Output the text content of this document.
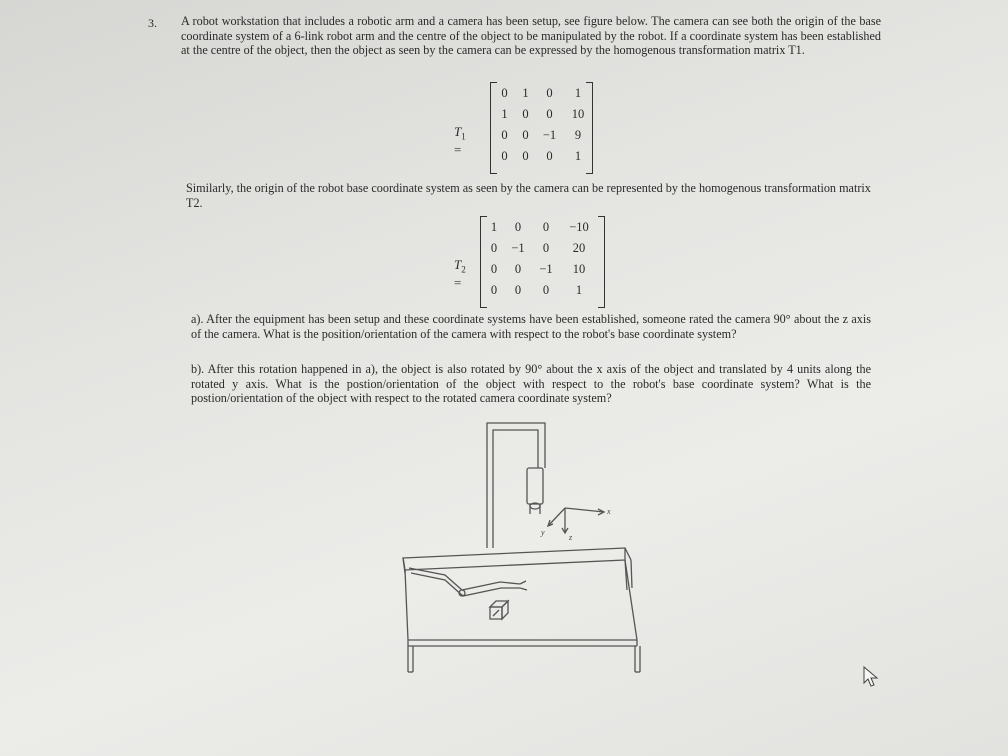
3. A robot workstation that includes a robotic arm and a camera has been setup, see figure below. The camera can see both the origin of the base coordinate system of a 6-link robot arm and the centre of the object to be manipulated by the robot. If a coordinate system has been established at the centre of the object, then the object as seen by the camera can be expressed by the homogenous transformation matrix T1.

$T_1$ =
0	1	0	1
1	0	0	10
0	0	−1	9
0	0	0	1

Similarly, the origin of the robot base coordinate system as seen by the camera can be represented by the homogenous transformation matrix T2.

$T_2$ =
1	0	0	−10
0	−1	0	20
0	0	−1	10
0	0	0	1

a). After the equipment has been setup and these coordinate systems have been established, someone rated the camera 90° about the z axis of the camera. What is the position/orientation of the camera with respect to the robot's base coordinate system?

b). After this rotation happened in a), the object is also rotated by 90° about the x axis of the object and translated by 4 units along the rotated y axis. What is the postion/orientation of the object with respect to the robot's base coordinate system? What is the postion/orientation of the object with respect to the rotated camera coordinate system?

x
y
z
